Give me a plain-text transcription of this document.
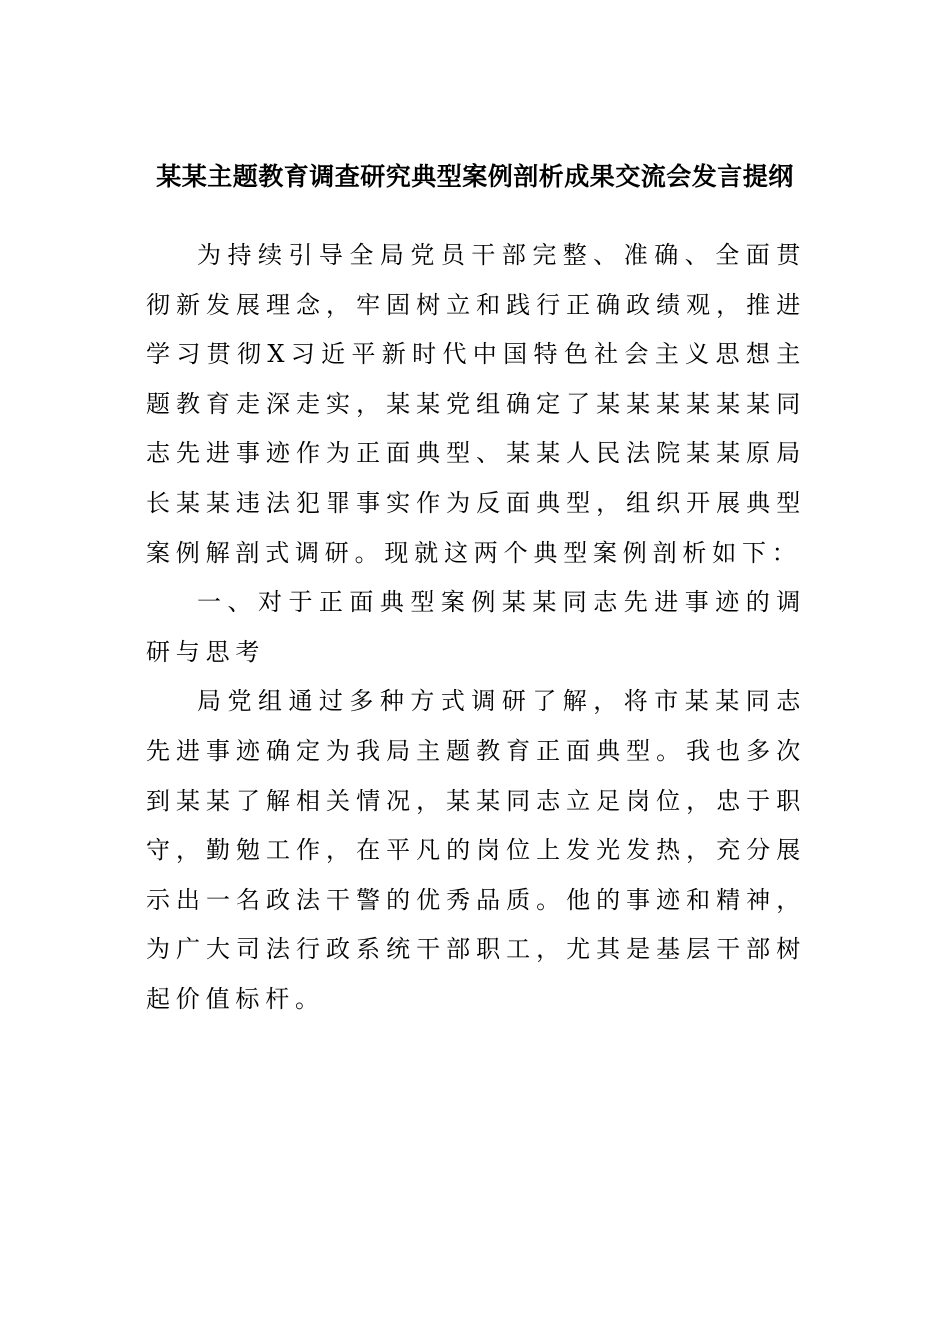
某某主题教育调查研究典型案例剖析成果交流会发言提纲

为持续引导全局党员干部完整、准确、全面贯彻新发展理念，牢固树立和践行正确政绩观，推进学习贯彻X习近平新时代中国特色社会主义思想主题教育走深走实，某某党组确定了某某某某某某同志先进事迹作为正面典型、某某人民法院某某原局长某某违法犯罪事实作为反面典型，组织开展典型案例解剖式调研。现就这两个典型案例剖析如下：

一、对于正面典型案例某某同志先进事迹的调研与思考

局党组通过多种方式调研了解，将市某某同志先进事迹确定为我局主题教育正面典型。我也多次到某某了解相关情况，某某同志立足岗位，忠于职守，勤勉工作，在平凡的岗位上发光发热，充分展示出一名政法干警的优秀品质。他的事迹和精神，为广大司法行政系统干部职工，尤其是基层干部树起价值标杆。
